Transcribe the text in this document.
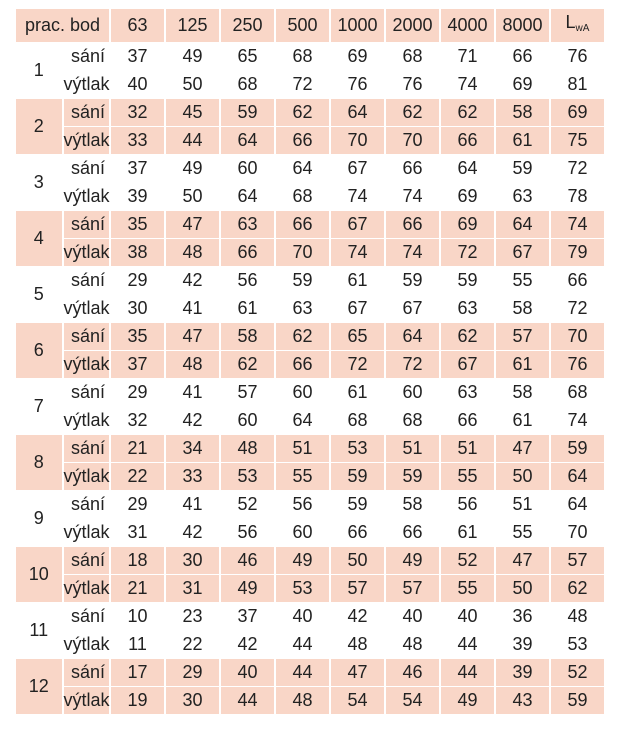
prac. bod		63	125	250	500	1000	2000	4000	8000	$L_{wA}$
1	sání	37	49	65	68	69	68	71	66	76
	výtlak	40	50	68	72	76	76	74	69	81
2	sání	32	45	59	62	64	62	62	58	69
	výtlak	33	44	64	66	70	70	66	61	75
3	sání	37	49	60	64	67	66	64	59	72
	výtlak	39	50	64	68	74	74	69	63	78
4	sání	35	47	63	66	67	66	69	64	74
	výtlak	38	48	66	70	74	74	72	67	79
5	sání	29	42	56	59	61	59	59	55	66
	výtlak	30	41	61	63	67	67	63	58	72
6	sání	35	47	58	62	65	64	62	57	70
	výtlak	37	48	62	66	72	72	67	61	76
7	sání	29	41	57	60	61	60	63	58	68
	výtlak	32	42	60	64	68	68	66	61	74
8	sání	21	34	48	51	53	51	51	47	59
	výtlak	22	33	53	55	59	59	55	50	64
9	sání	29	41	52	56	59	58	56	51	64
	výtlak	31	42	56	60	66	66	61	55	70
10	sání	18	30	46	49	50	49	52	47	57
	výtlak	21	31	49	53	57	57	55	50	62
11	sání	10	23	37	40	42	40	40	36	48
	výtlak	11	22	42	44	48	48	44	39	53
12	sání	17	29	40	44	47	46	44	39	52
	výtlak	19	30	44	48	54	54	49	43	59
